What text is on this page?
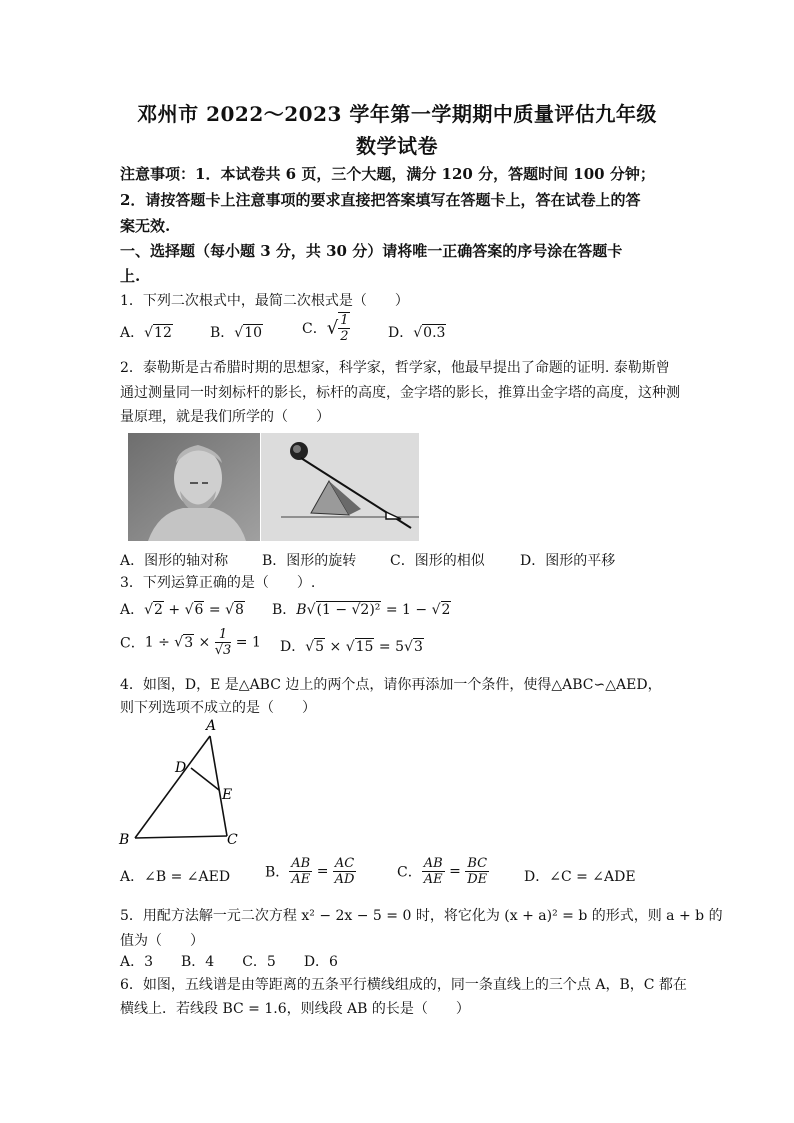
邓州市 2022～2023 学年第一学期期中质量评估九年级
数学试卷
注意事项：1．本试卷共 6 页，三个大题，满分 120 分，答题时间 100 分钟；
2．请按答题卡上注意事项的要求直接把答案填写在答题卡上，答在试卷上的答
案无效.
一、选择题（每小题 3 分，共 30 分）请将唯一正确答案的序号涂在答题卡
上.
1．下列二次根式中，最简二次根式是（　　）
A．√12	B．√10	C．√ $\frac{1}{2}$	D．√0.3
2．泰勒斯是古希腊时期的思想家，科学家，哲学家，他最早提出了命题的证明. 泰勒斯曾
通过测量同一时刻标杆的影长，标杆的高度，金字塔的影长，推算出金字塔的高度，这种测
量原理，就是我们所学的（　　）
A．图形的轴对称 B．图形的旋转 C．图形的相似	D．图形的平移
3．下列运算正确的是（　　）.
A．√2 + √6 = √8 B．B√(1 − √2)² = 1 − √2
C．$1 \div √3 \times \frac{1}{√3} = 1$ D．√5 × √15 = 5√3
4．如图，D，E 是△ABC 边上的两个点，请你再添加一个条件，使得△ABC∽△AED，
则下列选项不成立的是（　　）
A
D
E
B	C
A．∠B = ∠AED B． $\frac{AB}{AE} = \frac{AC}{AD}$	C． $\frac{AB}{AE} = \frac{BC}{DE}$ D．∠C = ∠ADE
5．用配方法解一元二次方程 x² − 2x − 5 = 0 时，将它化为 (x + a)² = b 的形式，则 a + b 的
值为（　　）
A．3　　B．4　　C．5　　D．6
6．如图，五线谱是由等距离的五条平行横线组成的，同一条直线上的三个点 A，B，C 都在
横线上．若线段 BC = 1.6，则线段 AB 的长是（　　）
